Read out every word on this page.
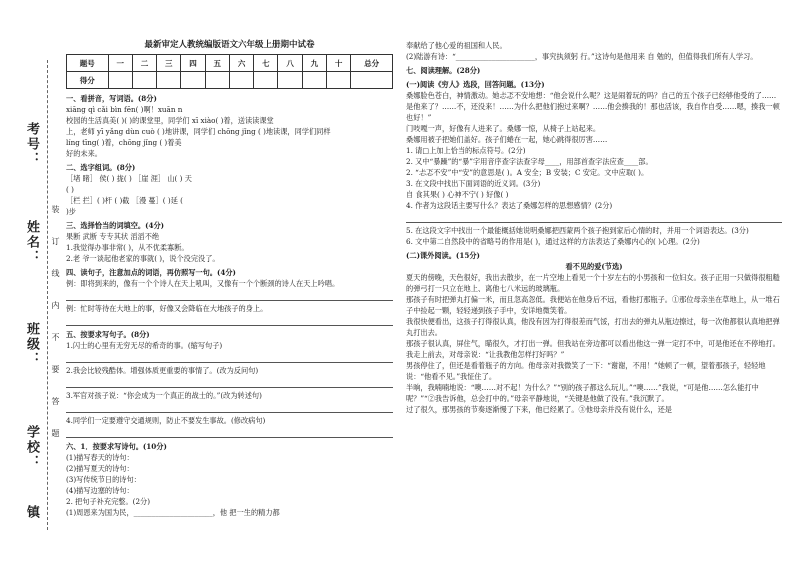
考号：
姓名：
班级：
学校：
镇
装订线内不要答题
最新审定人教统编版语文六年级上册期中试卷
题号	一	二	三	四	五	六	七	八	九	十	总分
得分											
一、看拼音，写词语。(8分)
xiāng qì cǎi bìn fēn( )啊！xuān n
校园的生活真美( )( )的课堂里，同学们 xī xiào( )着，送读读课堂
上，老师 yī yǎng dùn cuò ( )地讲课，同学们 chōng jǐng ( )地读课，同学们同样
líng tīng( )着，chōng jǐng ( )着美
好的未来。
二、选字组词。(8分)
［堵 睹］ 侯( ) 拢( ) ［崖 涯］ 山( ) 天
( )
［栏 拦］( )杆 ( )截 ［漫 蔓］( )延 (
)步
三、选择恰当的词填空。(4分)
果断 武断 专专其状 滔滔不绝
1.我觉得办事非常( )，从不优柔寡断。
2.老 爷一谈起他老家的事就( )，说个没完没了。
四、读句子，注意加点的词语，再仿照写一句。(4分)
例：即将到来的，像有一个个诗人在天上吼叫，又像有一个个断颈的诗人在天上吟唱。
例：忙时等待在大地上的事，好像又会降临在大地孩子的身上。
五、按要求写句子。(8分)
1.闪士的心里有无穷无尽的希奇的事。(缩写句子)
2.我会比较残酷体。增强体质更重要的事情了。(改为反问句)
3.军官对孩子说：“你会成为一个真正的战士的。”(改为转述句)
4.同学们一定要遵守交通规则，防止不要发生事故。(修改病句)
六、1．按要求写诗句。(10分)
(1)描写春天的诗句：
(2)描写夏天的诗句：
(3)写传统节日的诗句：
(4)描写边塞的诗句：
2. 把句子补充完整。(2分)
(1)周恩来为国为民，______________________，他 把一生的精力都
奉献给了他心爱的祖国和人民。
(2)陆游有诗：“______________________，事究执须躬 行。”这诗句是他用来 自 勉的，但值得我们所有人学习。
七、阅读理解。(28分)
(一)阅读《穷人》选段，回答问题。(13分)
桑娜脸色苍白，神情激动。她忐忑不安地想：“他会说什么呢？这是闹着玩的吗？自己的五个孩子已经够他受的了……是他来了？……不，还没来！……为什么把他们抱过来啊？……他会揍我的！那也活该，我自作自受……嗯，揍我一顿也好！”
门吱嘎一声，好像有人进来了。桑娜一惊，从椅子上站起来。
桑娜用被子把她们盖好。孩子们蜷在一起，她心跳得很厉害……
1. 请□上加上恰当的标点符号。(2分)
2. 又中“暴躁”的“暴”字用音序查字法查字母____，用部首查字法应查____部。
2. “忐忑不安”中“安”的意思是( )。A 安全；B 安装；C 安定。文中应取( )。
3. 在文段中找出下面词语的近义词。(3分)
自 食其果( ) 心神不宁( ) 好像( )
4. 作者为这段话主要写什么？表达了桑娜怎样的思想感情？(2分)
5. 在这段文字中找出一个最能概括她说明桑娜把西蒙两个孩子抱到家后心情的时，并用一个词语表达。(3分)
6. 文中第二自然段中的省略号的作用是( )，通过这样的方法表达了桑娜内心的( )心理。(2分)
(二)课外阅读。(15分)
看不见的爱(节选)
夏天的傍晚，天色很好，我出去散步，在一片空地上看见一个十岁左右的小男孩和一位妇女。孩子正用一只做得很粗糙的弹弓打一只立在地上、离他七八米远的玻璃瓶。
那孩子有时把弹丸打偏一米，而且忽高忽低。我便站在他身后不远，看他打那瓶子。①那位母亲坐在草地上，从一堆石子中捡起一颗，轻轻递到孩子手中，安详地微笑着。
我很快便看出，这孩子打得很认真，他没有因为打得很差而气馁，打出去的弹丸从瓶边擦过，每一次他都很认真地把弹丸打出去。
那孩子很认真，屏住气，瞄很久，才打出一弹。但我站在旁边都可以看出他这一弹一定打不中，可是他还在不停地打。我走上前去，对母亲说：“让我教他怎样打好吗？”
男孩停住了，但还是看着瓶子的方向。他母亲对我微笑了一下：“谢谢，不用！”她顿了一顿，望着那孩子，轻轻地说：“他看不见。”我怔住了。
半晌，我喃喃地说：“噢……对不起！为什么？”“别的孩子都这么玩儿。”“噢……”我说，“可是他……怎么能打中呢？”“②我告诉他，总会打中的。”母亲平静地说，“关键是他做了没有。”我沉默了。
过了很久，那男孩的节奏逐渐慢了下来，他已经累了。③他母亲并没有说什么，还是
